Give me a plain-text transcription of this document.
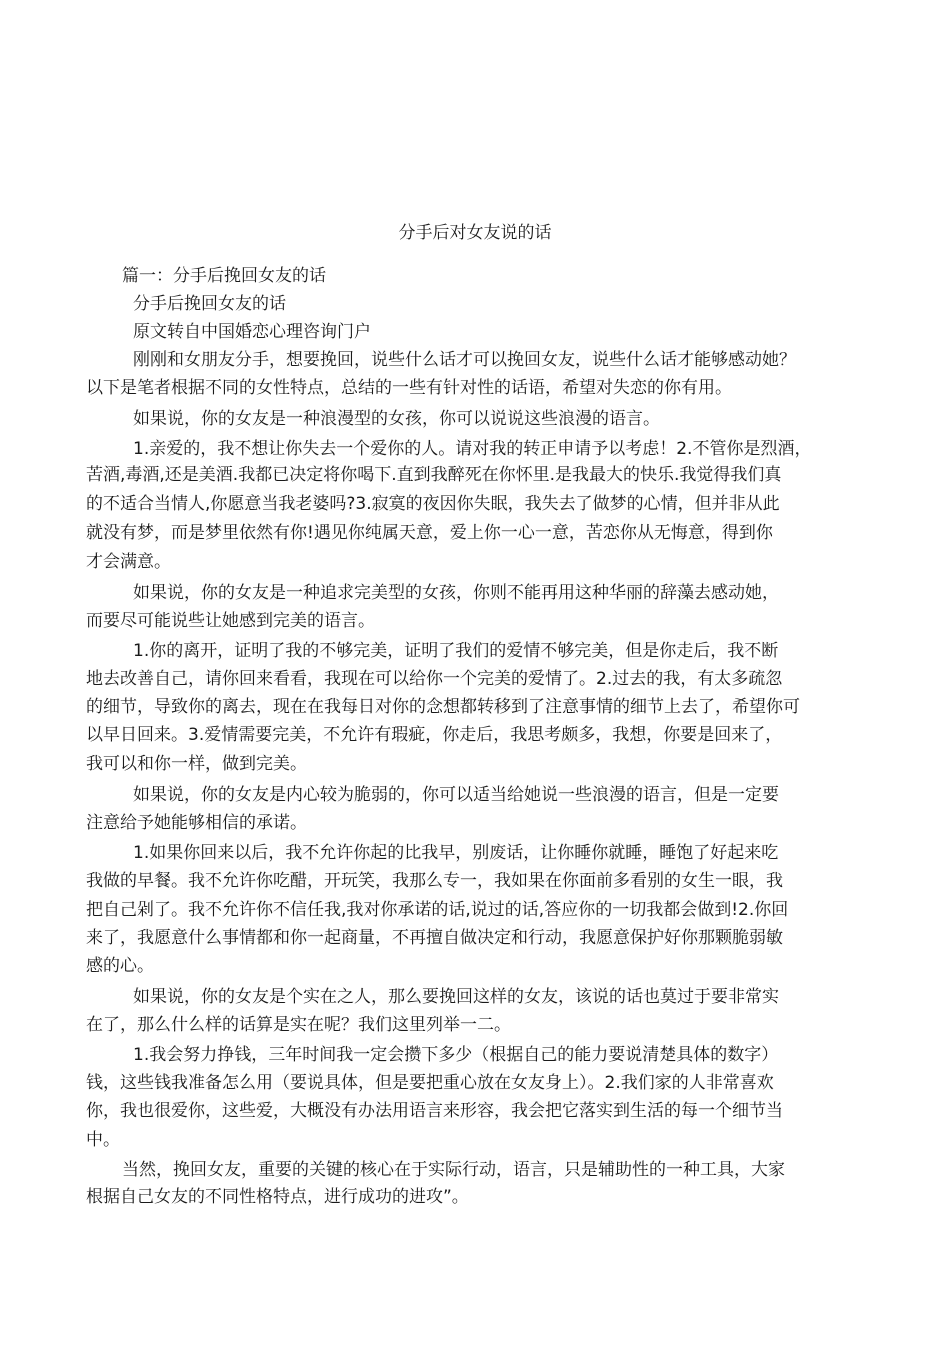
分手后对女友说的话
篇一：分手后挽回女友的话
分手后挽回女友的话
原文转自中国婚恋心理咨询门户
刚刚和女朋友分手，想要挽回，说些什么话才可以挽回女友，说些什么话才能够感动她？
以下是笔者根据不同的女性特点，总结的一些有针对性的话语，希望对失恋的你有用。
如果说，你的女友是一种浪漫型的女孩，你可以说说这些浪漫的语言。
1.亲爱的，我不想让你失去一个爱你的人。请对我的转正申请予以考虑！2.不管你是烈酒，
苦酒,毒酒,还是美酒.我都已决定将你喝下.直到我醉死在你怀里.是我最大的快乐.我觉得我们真
的不适合当情人,你愿意当我老婆吗?3.寂寞的夜因你失眠，我失去了做梦的心情，但并非从此
就没有梦，而是梦里依然有你!遇见你纯属天意，爱上你一心一意，苦恋你从无悔意，得到你
才会满意。
如果说，你的女友是一种追求完美型的女孩，你则不能再用这种华丽的辞藻去感动她，
而要尽可能说些让她感到完美的语言。
1.你的离开，证明了我的不够完美，证明了我们的爱情不够完美，但是你走后，我不断
地去改善自己，请你回来看看，我现在可以给你一个完美的爱情了。2.过去的我，有太多疏忽
的细节，导致你的离去，现在在我每日对你的念想都转移到了注意事情的细节上去了，希望你可
以早日回来。3.爱情需要完美，不允许有瑕疵，你走后，我思考颇多，我想，你要是回来了，
我可以和你一样，做到完美。
如果说，你的女友是内心较为脆弱的，你可以适当给她说一些浪漫的语言，但是一定要
注意给予她能够相信的承诺。
1.如果你回来以后，我不允许你起的比我早，别废话，让你睡你就睡，睡饱了好起来吃
我做的早餐。我不允许你吃醋，开玩笑，我那么专一，我如果在你面前多看别的女生一眼，我
把自己剁了。我不允许你不信任我,我对你承诺的话,说过的话,答应你的一切我都会做到!2.你回
来了，我愿意什么事情都和你一起商量，不再擅自做决定和行动，我愿意保护好你那颗脆弱敏
感的心。
如果说，你的女友是个实在之人，那么要挽回这样的女友，该说的话也莫过于要非常实
在了，那么什么样的话算是实在呢？我们这里列举一二。
1.我会努力挣钱，三年时间我一定会攒下多少（根据自己的能力要说清楚具体的数字）
钱，这些钱我准备怎么用（要说具体，但是要把重心放在女友身上）。2.我们家的人非常喜欢
你，我也很爱你，这些爱，大概没有办法用语言来形容，我会把它落实到生活的每一个细节当
中。
当然，挽回女友，重要的关键的核心在于实际行动，语言，只是辅助性的一种工具，大家
根据自己女友的不同性格特点，进行成功的进攻”。
